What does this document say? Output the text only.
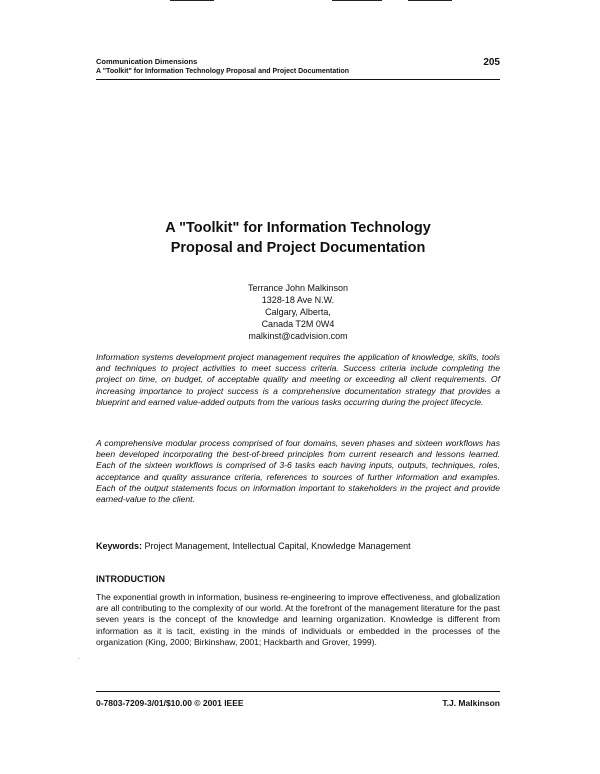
Communication Dimensions
A "Toolkit" for Information Technology Proposal and Project Documentation
205
A "Toolkit" for Information Technology
Proposal and Project Documentation
Terrance John Malkinson
1328-18 Ave N.W.
Calgary, Alberta,
Canada T2M 0W4
malkinst@cadvision.com

Information systems development project management requires the application of knowledge, skills, tools and techniques to project activities to meet success criteria. Success criteria include completing the project on time, on budget, of acceptable quality and meeting or exceeding all client requirements. Of increasing importance to project success is a comprehensive documentation strategy that provides a blueprint and earned value-added outputs from the various tasks occurring during the project lifecycle.

A comprehensive modular process comprised of four domains, seven phases and sixteen workflows has been developed incorporating the best-of-breed principles from current research and lessons learned. Each of the sixteen workflows is comprised of 3-6 tasks each having inputs, outputs, techniques, roles, acceptance and quality assurance criteria, references to sources of further information and examples. Each of the output statements focus on information important to stakeholders in the project and provide earned-value to the client.

Keywords: Project Management, Intellectual Capital, Knowledge Management
INTRODUCTION

The exponential growth in information, business re-engineering to improve effectiveness, and globalization are all contributing to the complexity of our world. At the forefront of the management literature for the past seven years is the concept of the knowledge and learning organization. Knowledge is different from information as it is tacit, existing in the minds of individuals or embedded in the processes of the organization (King, 2000; Birkinshaw, 2001; Hackbarth and Grover, 1999).

·
0-7803-7209-3/01/$10.00 © 2001 IEEE	T.J. Malkinson
